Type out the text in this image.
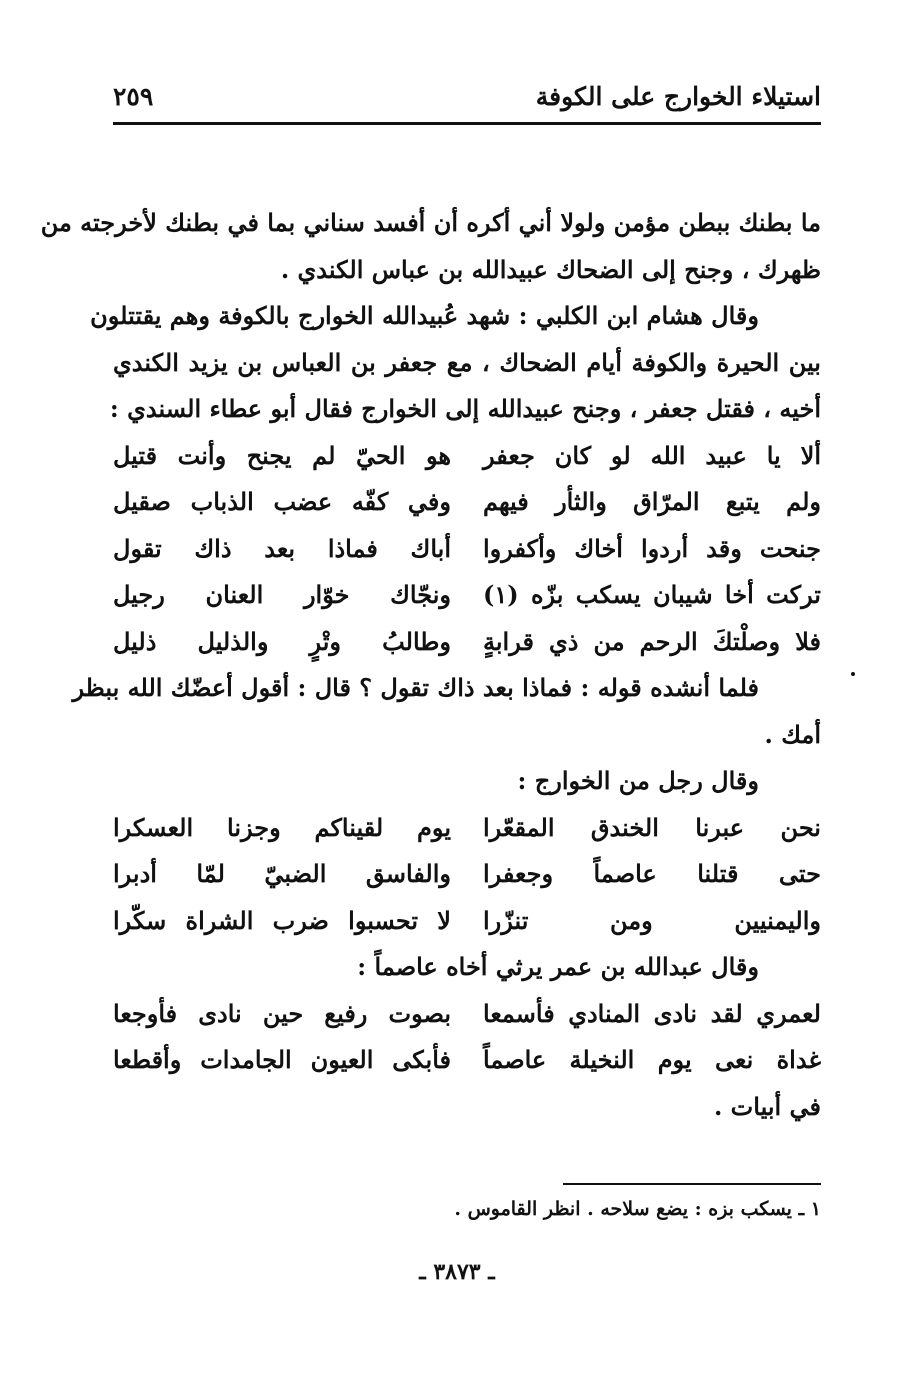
استيلاء الخوارج على الكوفة
٢٥٩
ما بطنك ببطن مؤمن ولولا أني أكره أن أفسد سناني بما في بطنك لأخرجته من
ظهرك ، وجنح إلى الضحاك عبيدالله بن عباس الكندي .
وقال هشام ابن الكلبي : شهد عُبيدالله الخوارج بالكوفة وهم يقتتلون
بين الحيرة والكوفة أيام الضحاك ، مع جعفر بن العباس بن يزيد الكندي
أخيه ، فقتل جعفر ، وجنح عبيدالله إلى الخوارج فقال أبو عطاء السندي :
ألا يا عبيد الله لو كان جعفر
هو الحيّ لم يجنح وأنت قتيل
ولم يتبع المرّاق والثأر فيهم
وفي كفّه عضب الذباب صقيل
جنحت وقد أردوا أخاك وأكفروا
أباك فماذا بعد ذاك تقول
تركت أخا شيبان يسكب بزّه (١)
ونجّاك خوّار العنان رجيل
فلا وصلْتكَ الرحم من ذي قرابةٍ
وطالبُ وتْرٍ والذليل ذليل
فلما أنشده قوله : فماذا بعد ذاك تقول ؟ قال : أقول أعضّك الله ببظر
أمك .
وقال رجل من الخوارج :
نحن عبرنا الخندق المقعّرا
يوم لقيناكم وجزنا العسكرا
حتى قتلنا عاصماً وجعفرا
والفاسق الضبيّ لمّا أدبرا
واليمنيين ومن تنزّرا
لا تحسبوا ضرب الشراة سكّرا
وقال عبدالله بن عمر يرثي أخاه عاصماً :
لعمري لقد نادى المنادي فأسمعا
بصوت رفيع حين نادى فأوجعا
غداة نعى يوم النخيلة عاصماً
فأبكى العيون الجامدات وأقطعا
في أبيات .
١ ـ يسكب بزه : يضع سلاحه . انظر القاموس .
ـ ٣٨٧٣ ـ
